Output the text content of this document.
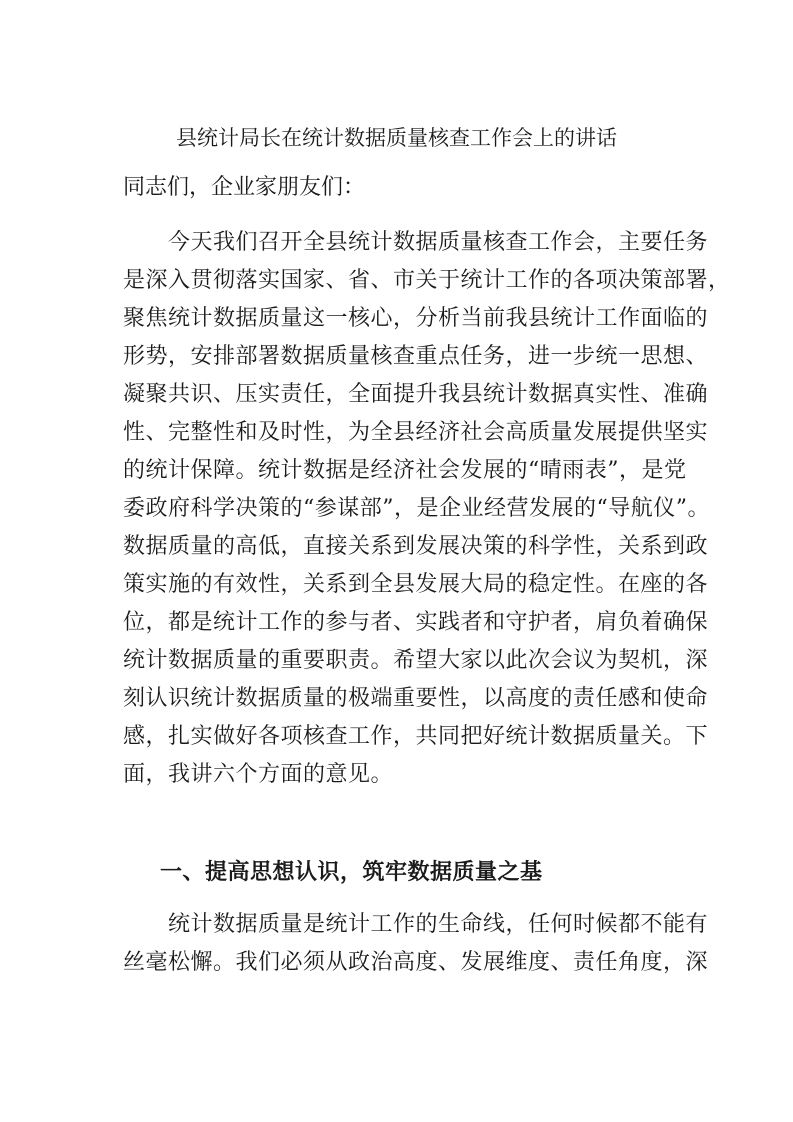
县统计局长在统计数据质量核查工作会上的讲话
同志们，企业家朋友们：
　　今天我们召开全县统计数据质量核查工作会，主要任务
是深入贯彻落实国家、省、市关于统计工作的各项决策部署，
聚焦统计数据质量这一核心，分析当前我县统计工作面临的
形势，安排部署数据质量核查重点任务，进一步统一思想、
凝聚共识、压实责任，全面提升我县统计数据真实性、准确
性、完整性和及时性，为全县经济社会高质量发展提供坚实
的统计保障。统计数据是经济社会发展的“晴雨表”，是党
委政府科学决策的“参谋部”，是企业经营发展的“导航仪”。
数据质量的高低，直接关系到发展决策的科学性，关系到政
策实施的有效性，关系到全县发展大局的稳定性。在座的各
位，都是统计工作的参与者、实践者和守护者，肩负着确保
统计数据质量的重要职责。希望大家以此次会议为契机，深
刻认识统计数据质量的极端重要性，以高度的责任感和使命
感，扎实做好各项核查工作，共同把好统计数据质量关。下
面，我讲六个方面的意见。
一、提高思想认识，筑牢数据质量之基
　　统计数据质量是统计工作的生命线，任何时候都不能有
丝毫松懈。我们必须从政治高度、发展维度、责任角度，深
